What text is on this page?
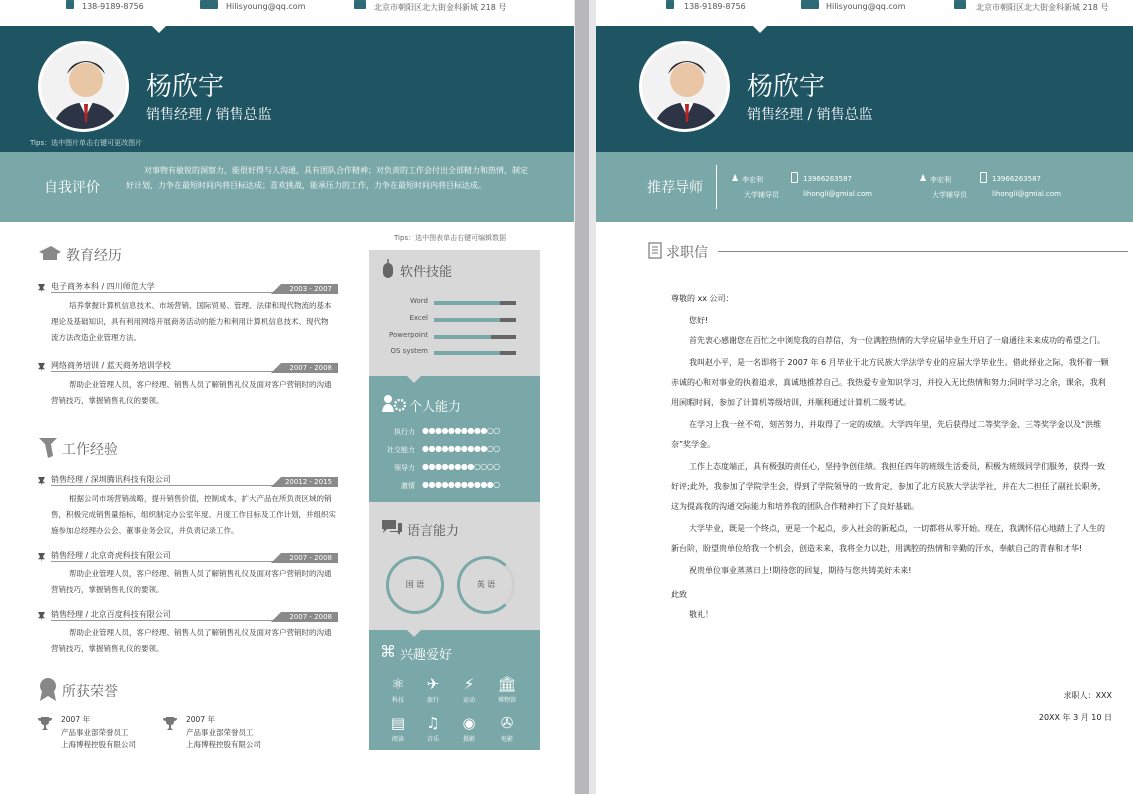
138-9189-8756	Hilisyoung@qq.com	北京市朝阳区北大街金科新城 218 号
杨欣宇
销售经理 / 销售总监
Tips：选中图片单击右键可更改图片
自我评价
对事物有敏锐的洞察力，能很好得与人沟通，具有团队合作精神；对负责的工作会付出全部精力和热情，制定好计划，力争在最短时间内将目标达成；喜欢挑战，能承压力的工作，力争在最短时间内将目标达成。
教育经历
电子商务本科 / 四川师范大学	2003 - 2007
培养掌握计算机信息技术、市场营销、国际贸易、管理、法律和现代物流的基本理论及基础知识，具有利用网络开展商务活动的能力和利用计算机信息技术、现代物 流方法改造企业管理方法。
网络商务培训 / 蓝天商务培训学校	2007 - 2008
帮助企业管理人员，客户经理、销售人员了解销售礼仪及面对客户营销时的沟通营销技巧，掌握销售礼仪的要领。
工作经验
销售经理 / 深圳腾讯科技有限公司	20012 - 2015
根据公司市场营销战略，提升销售价值，控制成本，扩大产品在所负责区域的销售，积极完成销售量指标，组织制定办公室年度、月度工作目标及工作计划，并组织实施参加总经理办公会、董事业务会议，并负责记录工作。
销售经理 / 北京奇虎科技有限公司	2007 - 2008
帮助企业管理人员，客户经理、销售人员了解销售礼仪及面对客户营销时的沟通营销技巧，掌握销售礼仪的要领。
销售经理 / 北京百度科技有限公司	2007 - 2008
帮助企业管理人员，客户经理、销售人员了解销售礼仪及面对客户营销时的沟通营销技巧，掌握销售礼仪的要领。
所获荣誉
2007 年
产品事业部荣誉员工
上海博程控股有限公司
2007 年
产品事业部荣誉员工
上海博程控股有限公司
Tips：选中图表单击右键可编辑数据
软件技能
Word
Excel
Powerpoint
OS system
个人能力
执行力 ●●●●●●●●●●○○
社交能力 ●●●●●●●●●●○○
领导力 ●●●●●●●●○○○○
激情 ●●●●●●●●●●●○
语言能力
国 语	英 语
⌘ 兴趣爱好
⚛
科技
✈
旅行
⚡
运动
🏛
博物馆
▤
阅读
♫
音乐
◉
摄影
✇
电影
138-9189-8756	Hilisyoung@qq.com	北京市朝阳区北大街金科新城 218 号
杨欣宇
销售经理 / 销售总监
推荐导师	李宏利
大学辅导员
13966263587
lihongli@gmial.com
♟	李宏利
大学辅导员
13966263587
lihongli@gmial.com
♟
求职信
尊敬的 xx 公司：
您好!

首先衷心感谢您在百忙之中浏览我的自荐信，为一位满腔热情的大学应届毕业生开启了一扇通往未来成功的希望之门。

我叫赵小平，是一名即将于 2007 年 6 月毕业于北方民族大学法学专业的应届大学毕业生。借此择业之际，我怀着一颗赤诚的心和对事业的执着追求，真诚地推荐自己。我热爱专业知识学习，并投入无比热情和努力;同时学习之余，课余，我利用闲暇时间，参加了计算机等级培训，并顺利通过计算机二级考试。

在学习上我一丝不苟，刻苦努力，并取得了一定的成绩。大学四年里，先后获得过二等奖学金、三等奖学金以及“洪维奈”奖学金。

工作上态度端正，具有极强的责任心，坚持争创佳绩。我担任四年的班级生活委员，积极为班级同学们服务，获得一致好评;此外，我参加了学院学生会，得到了学院领导的一致肯定，参加了北方民族大学法学社，并在大二担任了副社长职务，这为提高我的沟通交际能力和培养我的团队合作精神打下了良好基础。

大学毕业，既是一个终点，更是一个起点，步入社会的新起点，一切都将从零开始。现在，我满怀信心地踏上了人生的新台阶，盼望贵单位给我一个机会，创造未来，我将全力以赴，用满腔的热情和辛勤的汗水，奉献自己的青春和才华!

祝贵单位事业蒸蒸日上!期待您的回复，期待与您共铸美好未来!

此致
敬礼！
求职人：XXX
20XX 年 3 月 10 日
